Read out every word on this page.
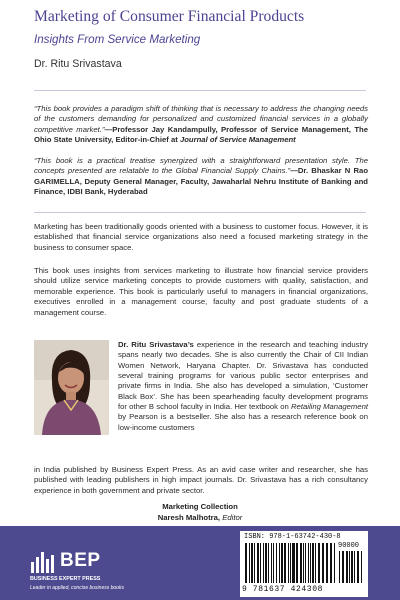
Marketing of Consumer Financial Products
Insights From Service Marketing
Dr. Ritu Srivastava
“This book provides a paradigm shift of thinking that is necessary to address the changing needs of the customers demanding for personalized and customized financial services in a globally competitive market.”—Professor Jay Kandampully, Professor of Service Management, The Ohio State University, Editor-in-Chief at Journal of Service Management
“This book is a practical treatise synergized with a straightforward presentation style. The concepts presented are relatable to the Global Financial Supply Chains.”—Dr. Bhaskar N Rao GARIMELLA, Deputy General Manager, Faculty, Jawaharlal Nehru Institute of Banking and Finance, IDBI Bank, Hyderabad
Marketing has been traditionally goods oriented with a business to customer focus. However, it is established that financial service organizations also need a focused marketing strategy in the business to consumer space.
This book uses insights from services marketing to illustrate how financial service providers should utilize service marketing concepts to provide customers with quality, satisfaction, and memorable experience. This book is particularly useful to managers in financial organizations, executives enrolled in a management course, faculty and post graduate students of a management course.
Dr. Ritu Srivastava’s experience in the research and teaching industry spans nearly two decades. She is also currently the Chair of CII Indian Women Network, Haryana Chapter. Dr. Srivastava has conducted several training programs for various public sector enterprises and private firms in India. She also has developed a simulation, ‘Customer Black Box’. She has been spearheading faculty development programs for other B school faculty in India. Her textbook on Retailing Management by Pearson is a bestseller. She also has a research reference book on low-income customers
in India published by Business Expert Press. As an avid case writer and researcher, she has published with leading publishers in high impact journals. Dr. Srivastava has a rich consultancy experience in both government and private sector.
Marketing Collection
Naresh Malhotra, Editor
BEP
BUSINESS EXPERT PRESS
Leader in applied, concise business books
ISBN: 978-1-63742-430-8
90000
9 781637 424308
